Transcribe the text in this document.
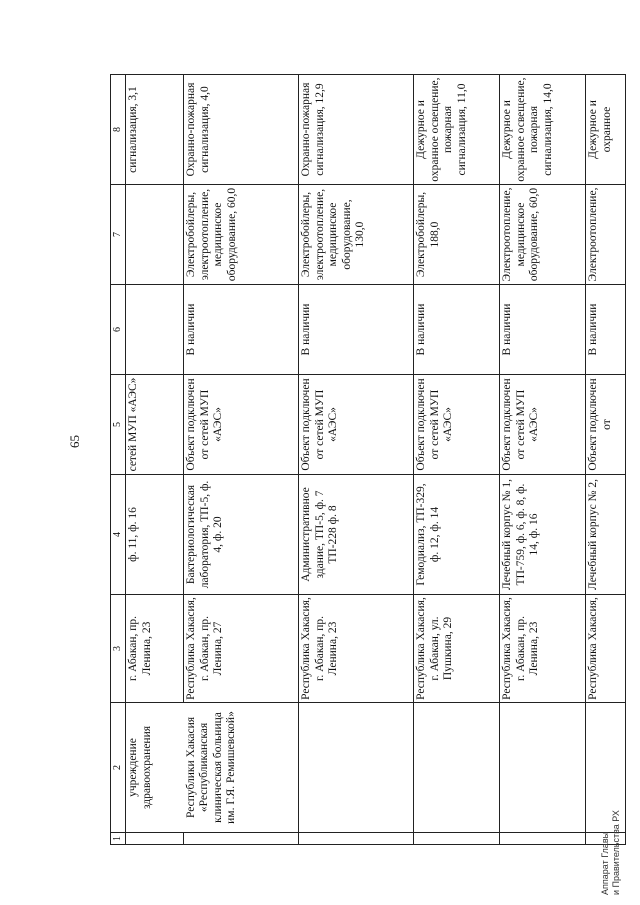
65
1	2	3	4	5	6	7	8
	учреждение здравоохранения	г. Абакан, пр. Ленина, 23	ф. 11, ф. 16	сетей МУП «АЭС»			сигнализация, 3,1
	Республики Хакасия «Республиканская клиническая больница им. Г.Я. Ремишевской»	Республика Хакасия, г. Абакан, пр. Ленина, 27	Бактериологическая лаборатория, ТП-5, ф. 4, ф. 20	Объект подключен от сетей МУП «АЭС»	В наличии	Электробойлеры, электроотопление, медицинское оборудование, 60,0	Охранно-пожарная сигнализация, 4,0
		Республика Хакасия, г. Абакан, пр. Ленина, 23	Административное здание, ТП-5, ф. 7 ТП-228 ф. 8	Объект подключен от сетей МУП «АЭС»	В наличии	Электробойлеры, электроотопление, медицинское оборудование, 130,0	Охранно-пожарная сигнализация, 12,9
		Республика Хакасия, г. Абакан, ул. Пушкина, 29	Гемодиализ, ТП-329, ф. 12, ф. 14	Объект подключен от сетей МУП «АЭС»	В наличии	Электробойлеры, 188,0	Дежурное и охранное освещение, пожарная сигнализация, 11,0
		Республика Хакасия, г. Абакан, пр. Ленина, 23	Лечебный корпус № 1, ТП-759, ф. 6, ф. 8, ф. 14, ф. 16	Объект подключен от сетей МУП «АЭС»	В наличии	Электроотопление, медицинское оборудование, 60,0	Дежурное и охранное освещение, пожарная сигнализация, 14,0
		Республика Хакасия,	Лечебный корпус № 2,	Объект подключен от	В наличии	Электроотопление,	Дежурное и охранное
Аппарат Главы и Правительства РХ
